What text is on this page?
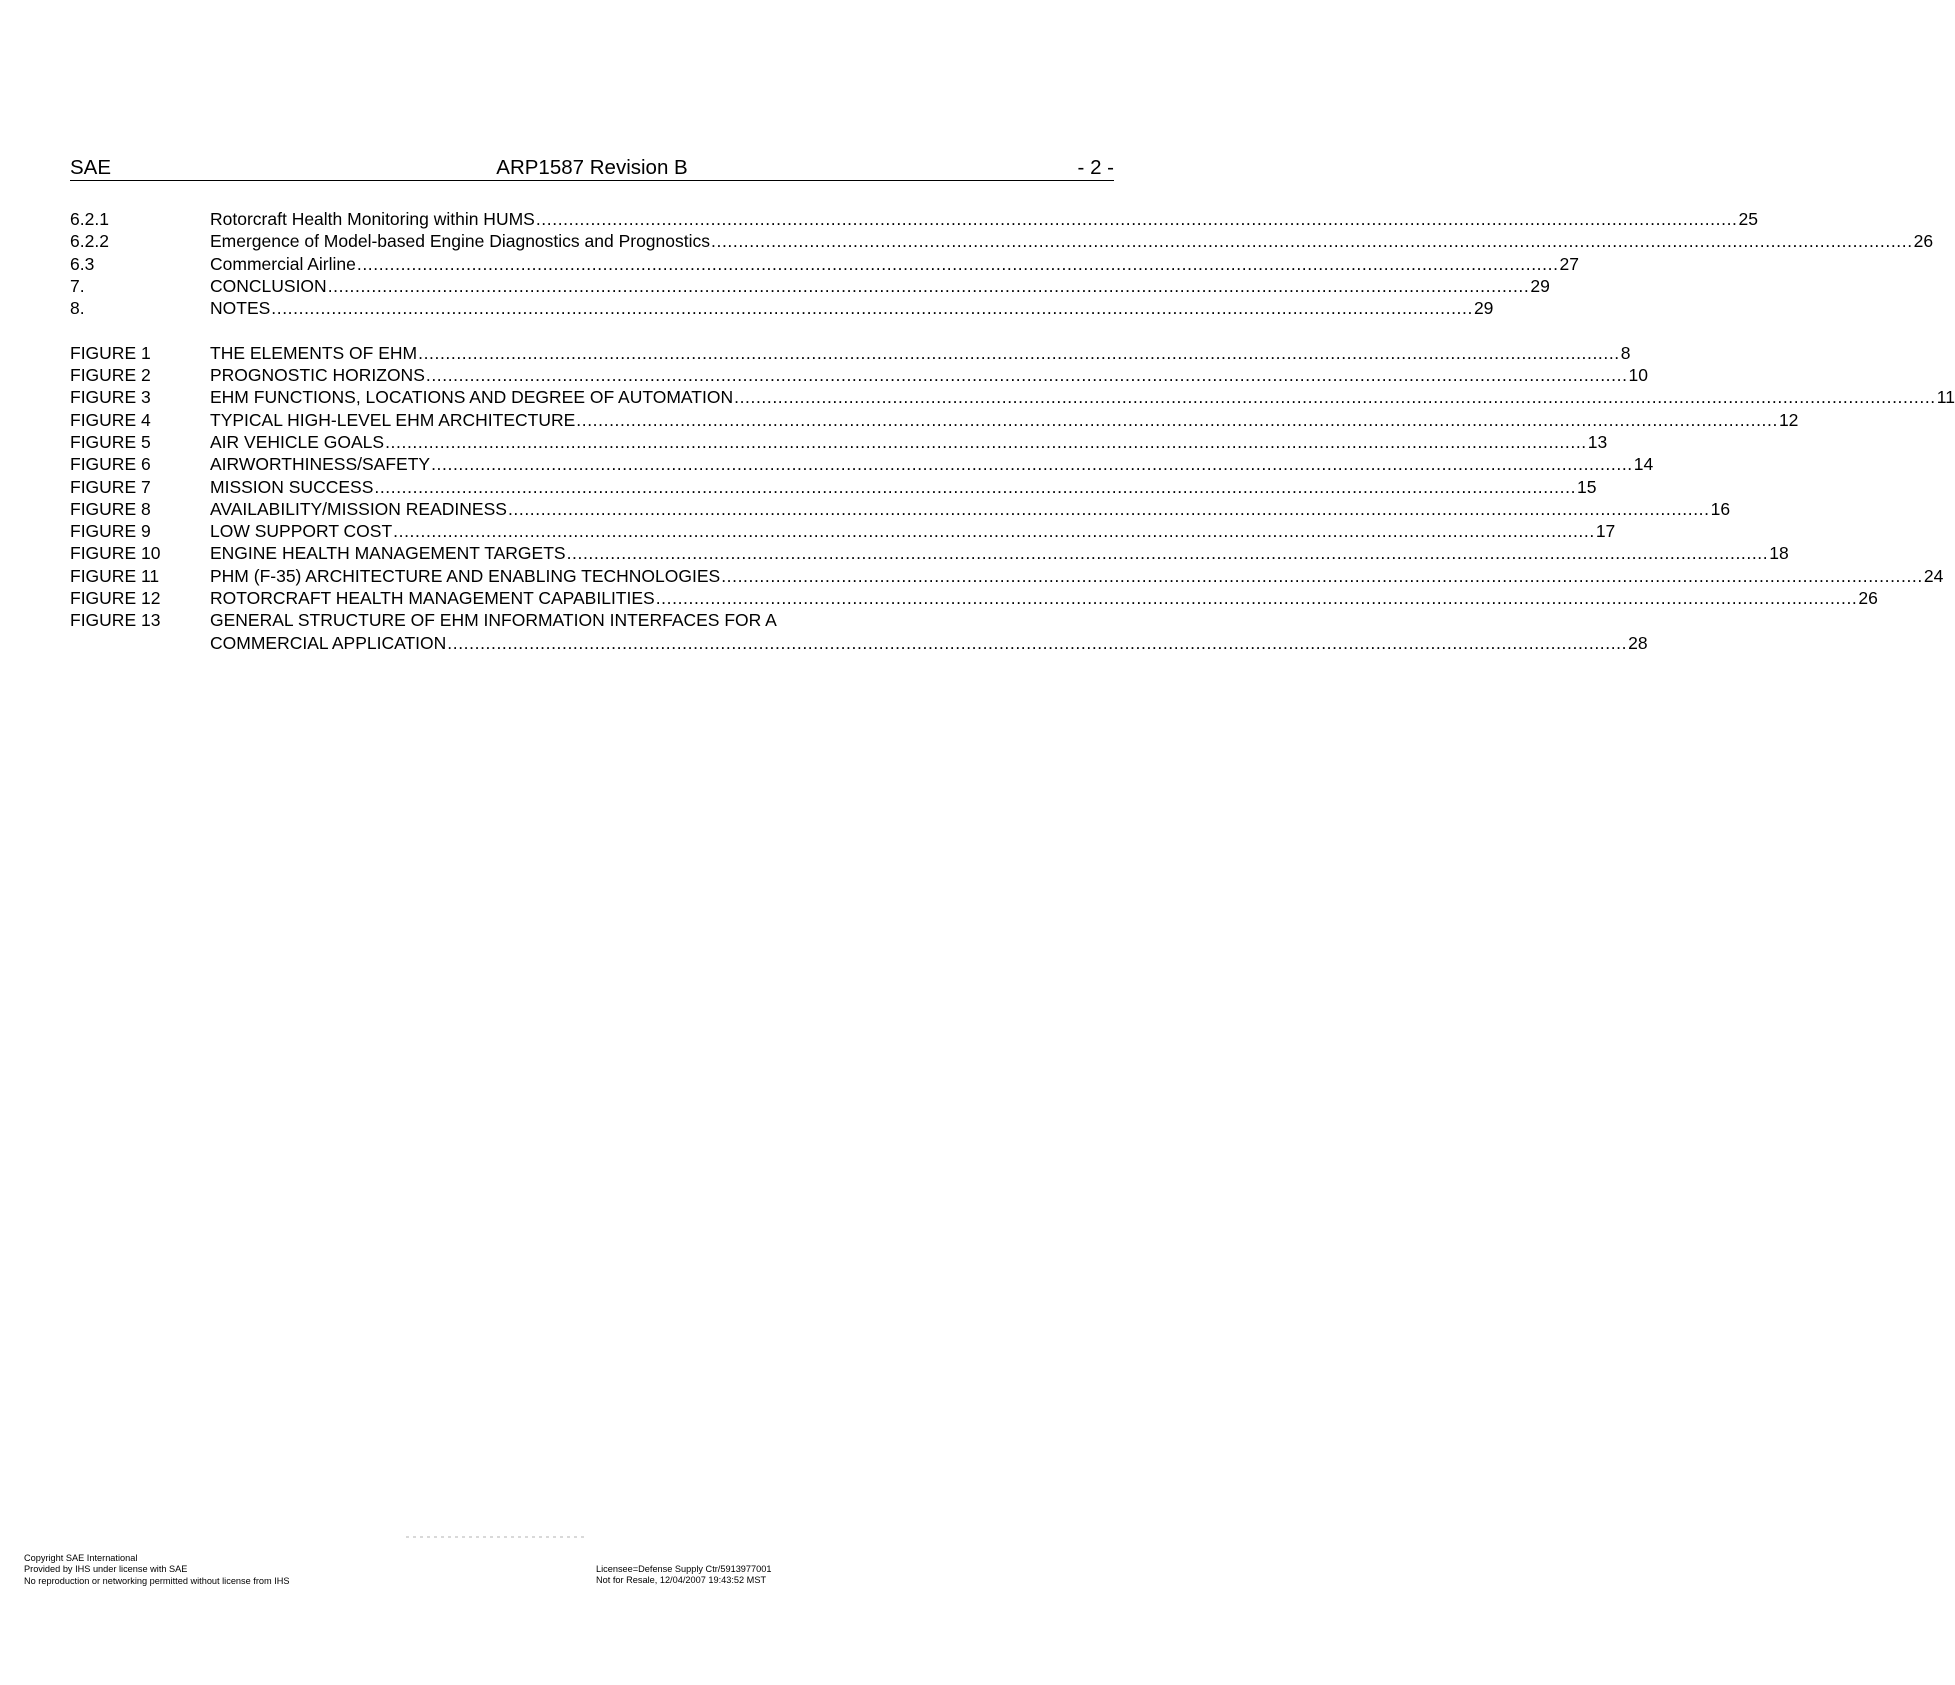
SAE	ARP1587 Revision B	- 2 -
6.2.1	Rotorcraft Health Monitoring within HUMS ............................................................................................................................................................................................................................ 25
6.2.2	Emergence of Model-based Engine Diagnostics and Prognostics ............................................................................................................................................................................................................................ 26
6.3	Commercial Airline ............................................................................................................................................................................................................................ 27
7.	CONCLUSION ............................................................................................................................................................................................................................ 29
8.	NOTES ............................................................................................................................................................................................................................ 29
FIGURE 1	THE ELEMENTS OF EHM ............................................................................................................................................................................................................................ 8
FIGURE 2	PROGNOSTIC HORIZONS ............................................................................................................................................................................................................................ 10
FIGURE 3	EHM FUNCTIONS, LOCATIONS AND DEGREE OF AUTOMATION ............................................................................................................................................................................................................................ 11
FIGURE 4	TYPICAL HIGH-LEVEL EHM ARCHITECTURE ............................................................................................................................................................................................................................ 12
FIGURE 5	AIR VEHICLE GOALS ............................................................................................................................................................................................................................ 13
FIGURE 6	AIRWORTHINESS/SAFETY ............................................................................................................................................................................................................................ 14
FIGURE 7	MISSION SUCCESS ............................................................................................................................................................................................................................ 15
FIGURE 8	AVAILABILITY/MISSION READINESS ............................................................................................................................................................................................................................ 16
FIGURE 9	LOW SUPPORT COST ............................................................................................................................................................................................................................ 17
FIGURE 10	ENGINE HEALTH MANAGEMENT TARGETS ............................................................................................................................................................................................................................ 18
FIGURE 11	PHM (F-35) ARCHITECTURE AND ENABLING TECHNOLOGIES ............................................................................................................................................................................................................................ 24
FIGURE 12	ROTORCRAFT HEALTH MANAGEMENT CAPABILITIES ............................................................................................................................................................................................................................ 26
FIGURE 13	GENERAL STRUCTURE OF EHM INFORMATION INTERFACES FOR A
COMMERCIAL APPLICATION ........................................................................................................................................................................................................................ 28
Copyright SAE International
Provided by IHS under license with SAE
No reproduction or networking permitted without license from IHS
Licensee=Defense Supply Ctr/5913977001
Not for Resale, 12/04/2007 19:43:52 MST
